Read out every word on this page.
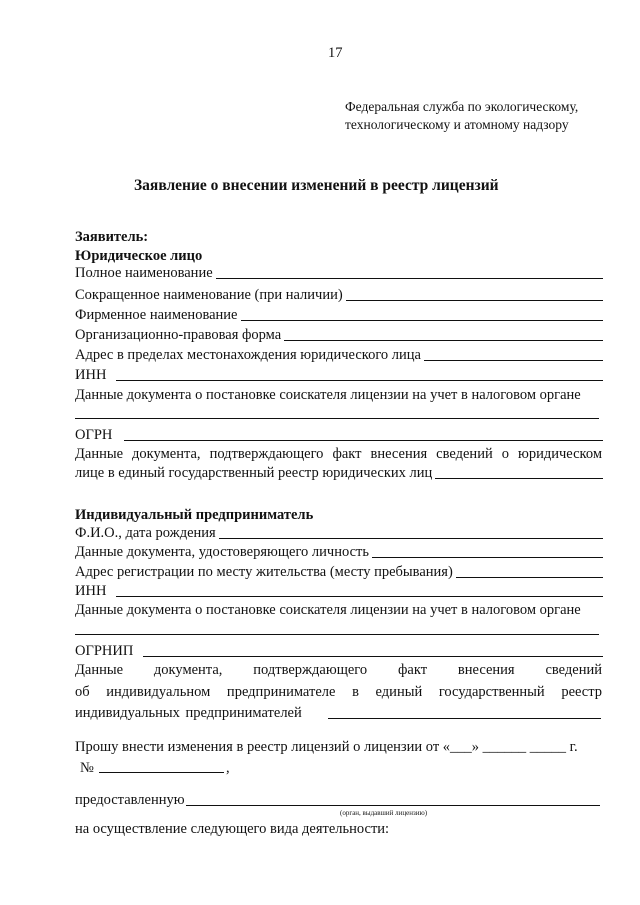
17
Федеральная служба по экологическому,
технологическому и атомному надзору
Заявление о внесении изменений в реестр лицензий
Заявитель:
Юридическое лицо
Полное наименование
Сокращенное наименование (при наличии)
Фирменное наименование
Организационно-правовая форма
Адрес в пределах местонахождения юридического лица
ИНН
Данные документа о постановке соискателя лицензии на учет в налоговом органе
ОГРН
Данные документа, подтверждающего факт внесения сведений о юридическом
лице в единый государственный реестр юридических лиц
Индивидуальный предприниматель
Ф.И.О., дата рождения
Данные документа, удостоверяющего личность
Адрес регистрации по месту жительства (месту пребывания)
ИНН
Данные документа о постановке соискателя лицензии на учет в налоговом органе
ОГРНИП
Данные документа, подтверждающего факт внесения сведений
об индивидуальном предпринимателе в единый государственный реестр
индивидуальных предпринимателей
Прошу внести изменения в реестр лицензий о лицензии от «___» ______ _____ г.
№	,
предоставленную
(орган, выдавший лицензию)
на осуществление следующего вида деятельности:
